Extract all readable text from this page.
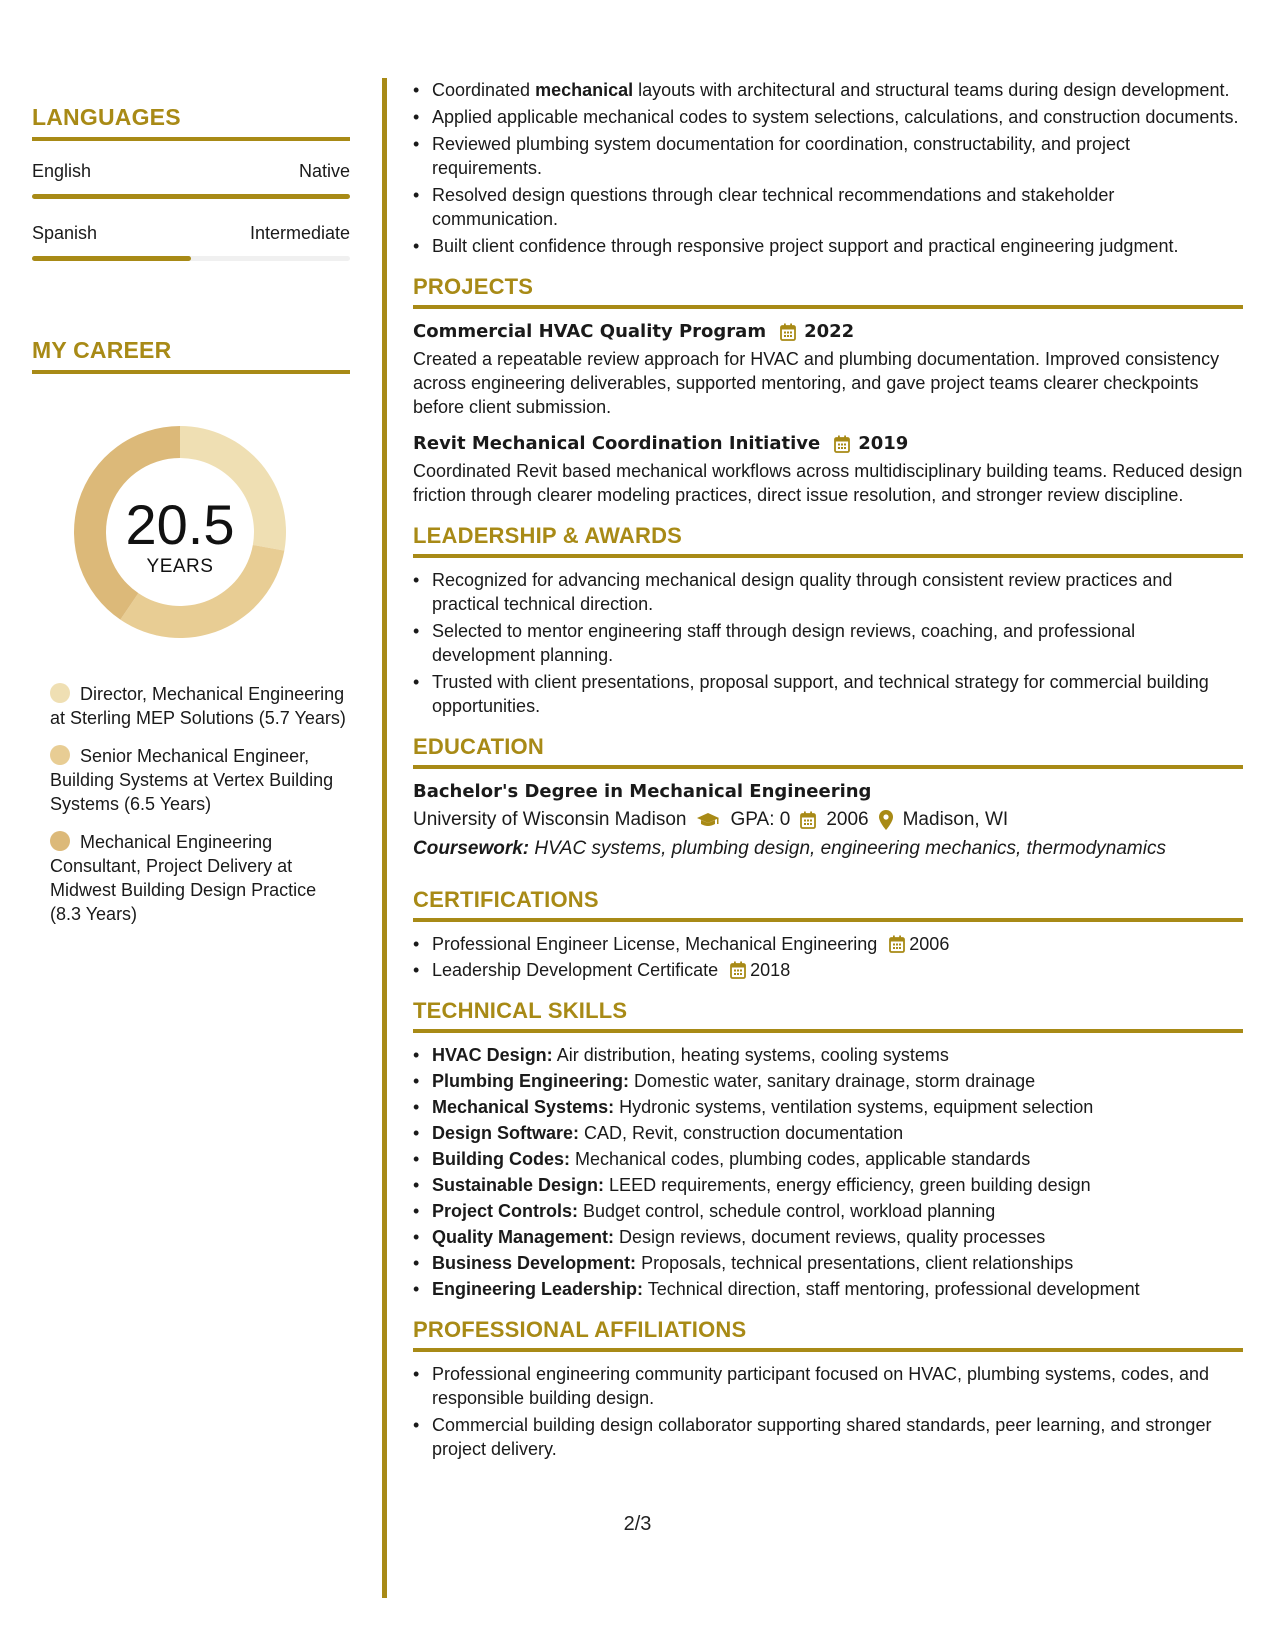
LANGUAGES
English	Native
Spanish	Intermediate
MY CAREER
20.5
YEARS
Director, Mechanical Engineering at Sterling MEP Solutions (5.7 Years)
Senior Mechanical Engineer, Building Systems at Vertex Building Systems (6.5 Years)
Mechanical Engineering Consultant, Project Delivery at Midwest Building Design Practice (8.3 Years)
• Coordinated mechanical layouts with architectural and structural teams during design development.
• Applied applicable mechanical codes to system selections, calculations, and construction documents.
• Reviewed plumbing system documentation for coordination, constructability, and project requirements.
• Resolved design questions through clear technical recommendations and stakeholder communication.
• Built client confidence through responsive project support and practical engineering judgment.
PROJECTS
Commercial HVAC Quality Program 2022
Created a repeatable review approach for HVAC and plumbing documentation. Improved consistency across engineering deliverables, supported mentoring, and gave project teams clearer checkpoints before client submission.
Revit Mechanical Coordination Initiative 2019
Coordinated Revit based mechanical workflows across multidisciplinary building teams. Reduced design friction through clearer modeling practices, direct issue resolution, and stronger review discipline.
LEADERSHIP & AWARDS
• Recognized for advancing mechanical design quality through consistent review practices and practical technical direction.
• Selected to mentor engineering staff through design reviews, coaching, and professional development planning.
• Trusted with client presentations, proposal support, and technical strategy for commercial building opportunities.
EDUCATION
Bachelor's Degree in Mechanical Engineering
University of Wisconsin Madison GPA: 0 2006 Madison, WI
Coursework: HVAC systems, plumbing design, engineering mechanics, thermodynamics
CERTIFICATIONS
• Professional Engineer License, Mechanical Engineering 2006
• Leadership Development Certificate 2018
TECHNICAL SKILLS
• HVAC Design: Air distribution, heating systems, cooling systems
• Plumbing Engineering: Domestic water, sanitary drainage, storm drainage
• Mechanical Systems: Hydronic systems, ventilation systems, equipment selection
• Design Software: CAD, Revit, construction documentation
• Building Codes: Mechanical codes, plumbing codes, applicable standards
• Sustainable Design: LEED requirements, energy efficiency, green building design
• Project Controls: Budget control, schedule control, workload planning
• Quality Management: Design reviews, document reviews, quality processes
• Business Development: Proposals, technical presentations, client relationships
• Engineering Leadership: Technical direction, staff mentoring, professional development
PROFESSIONAL AFFILIATIONS
• Professional engineering community participant focused on HVAC, plumbing systems, codes, and responsible building design.
• Commercial building design collaborator supporting shared standards, peer learning, and stronger project delivery.
2/3
